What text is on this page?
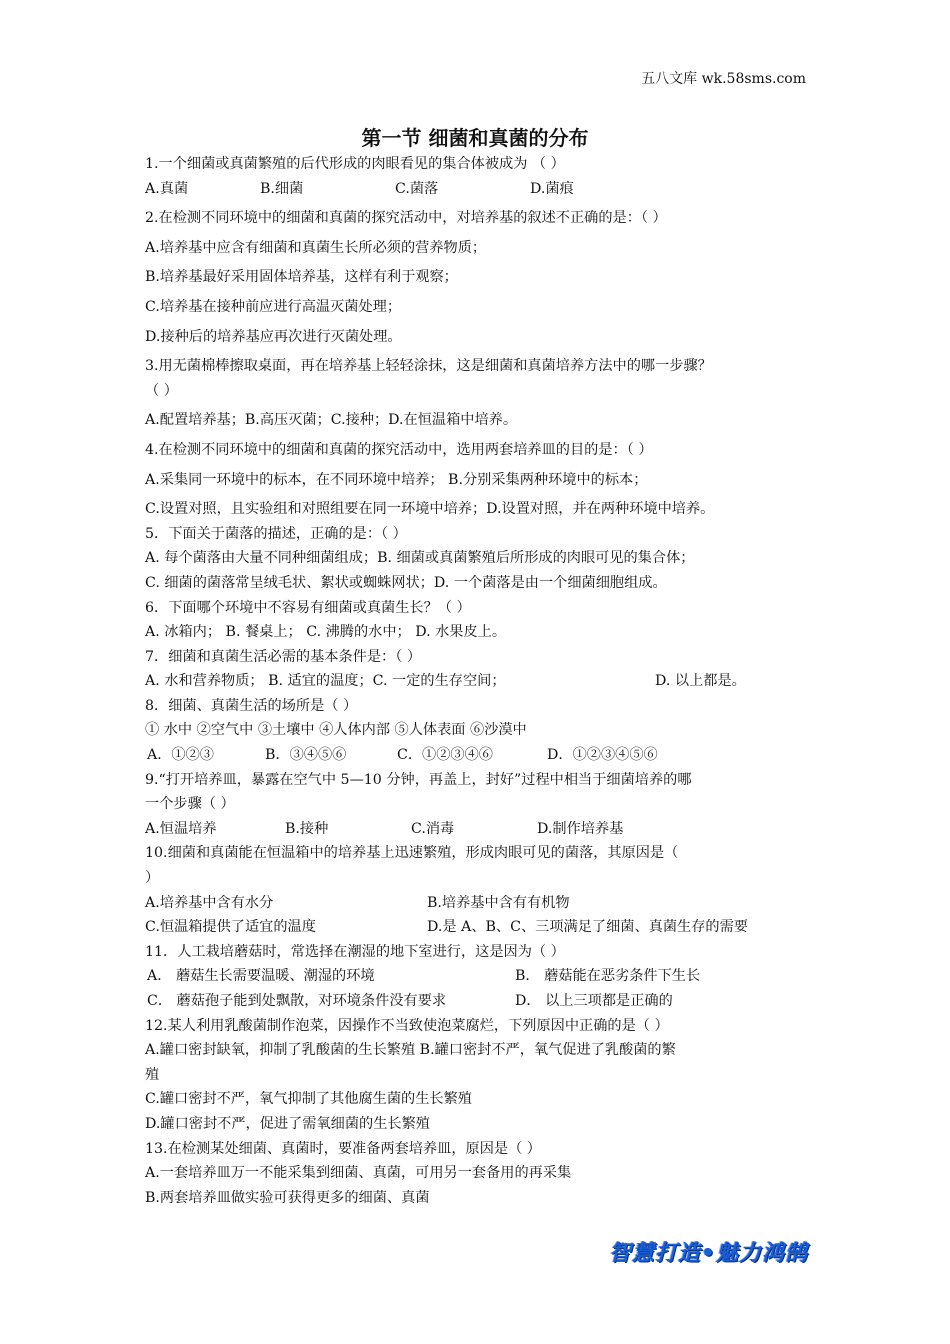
五八文库 wk.58sms.com
第一节 细菌和真菌的分布
1.一个细菌或真菌繁殖的后代形成的肉眼看见的集合体被成为 （ ）
A.真菌	B.细菌	C.菌落	D.菌痕
2.在检测不同环境中的细菌和真菌的探究活动中，对培养基的叙述不正确的是：（ ）
A.培养基中应含有细菌和真菌生长所必须的营养物质；
B.培养基最好采用固体培养基，这样有利于观察；
C.培养基在接种前应进行高温灭菌处理；
D.接种后的培养基应再次进行灭菌处理。
3.用无菌棉棒擦取桌面，再在培养基上轻轻涂抹，这是细菌和真菌培养方法中的哪一步骤？
（ ）
A.配置培养基；B.高压灭菌；C.接种；D.在恒温箱中培养。
4.在检测不同环境中的细菌和真菌的探究活动中，选用两套培养皿的目的是：（ ）
A.采集同一环境中的标本，在不同环境中培养； B.分别采集两种环境中的标本；
C.设置对照，且实验组和对照组要在同一环境中培养；D.设置对照，并在两种环境中培养。
5．下面关于菌落的描述，正确的是：（ ）
A. 每个菌落由大量不同种细菌组成；B. 细菌或真菌繁殖后所形成的肉眼可见的集合体；
C. 细菌的菌落常呈绒毛状、絮状或蜘蛛网状；D. 一个菌落是由一个细菌细胞组成。
6．下面哪个环境中不容易有细菌或真菌生长？（ ）
A. 冰箱内； B. 餐桌上； C. 沸腾的水中； D. 水果皮上。
7．细菌和真菌生活必需的基本条件是：（ ）
A. 水和营养物质； B. 适宜的温度；C. 一定的生存空间；	D. 以上都是。
8．细菌、真菌生活的场所是（ ）
① 水中 ②空气中 ③土壤中 ④人体内部 ⑤人体表面 ⑥沙漠中
A．①②③	B．③④⑤⑥	C．①②③④⑥	D．①②③④⑤⑥
9.“打开培养皿，暴露在空气中 5—10 分钟，再盖上，封好”过程中相当于细菌培养的哪
一个步骤（ ）
A.恒温培养	B.接种	C.消毒	D.制作培养基
10.细菌和真菌能在恒温箱中的培养基上迅速繁殖，形成肉眼可见的菌落，其原因是（
）
A.培养基中含有水分	B.培养基中含有有机物
C.恒温箱提供了适宜的温度	D.是 A、B、C、三项满足了细菌、真菌生存的需要
11．人工栽培蘑菇时，常选择在潮湿的地下室进行，这是因为（ ）
A． 蘑菇生长需要温暖、潮湿的环境	B． 蘑菇能在恶劣条件下生长
C． 蘑菇孢子能到处飘散，对环境条件没有要求	D． 以上三项都是正确的
12.某人利用乳酸菌制作泡菜，因操作不当致使泡菜腐烂，下列原因中正确的是（ ）
A.罐口密封缺氧，抑制了乳酸菌的生长繁殖 B.罐口密封不严，氧气促进了乳酸菌的繁
殖
C.罐口密封不严，氧气抑制了其他腐生菌的生长繁殖
D.罐口密封不严，促进了需氧细菌的生长繁殖
13.在检测某处细菌、真菌时，要准备两套培养皿，原因是（ ）
A.一套培养皿万一不能采集到细菌、真菌，可用另一套备用的再采集
B.两套培养皿做实验可获得更多的细菌、真菌
智慧打造•魅力鸿鹄
